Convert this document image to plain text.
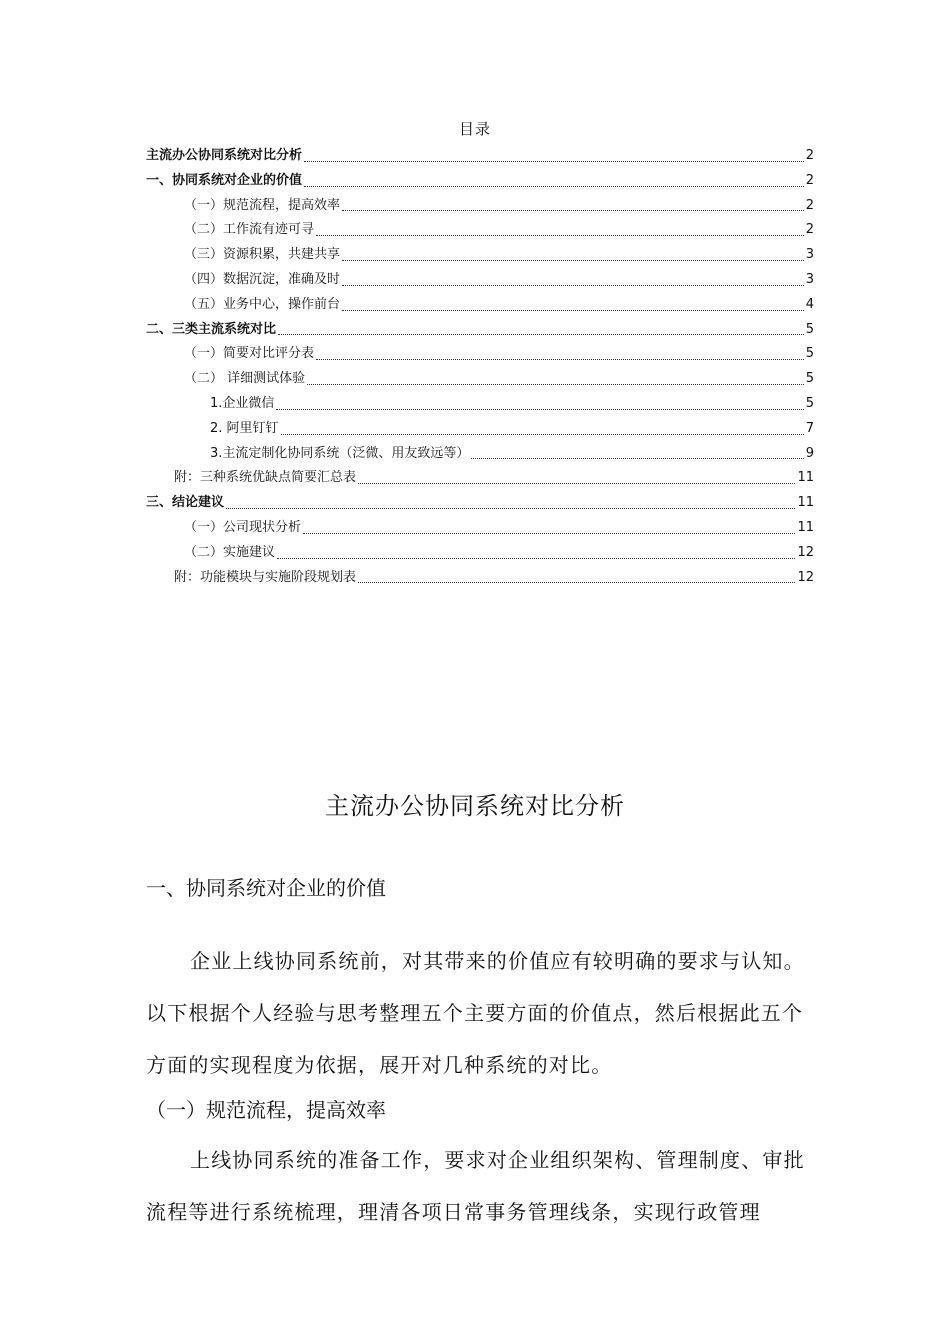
目录
主流办公协同系统对比分析	2
一、协同系统对企业的价值	2
（一）规范流程，提高效率	2
（二）工作流有迹可寻	2
（三）资源积累，共建共享	3
（四）数据沉淀，准确及时	3
（五）业务中心，操作前台	4
二、三类主流系统对比	5
（一）简要对比评分表	5
（二） 详细测试体验	5
1.企业微信	5
2. 阿里钉钉	7
3.主流定制化协同系统（泛微、用友致远等）	9
附：三种系统优缺点简要汇总表	11
三、结论建议	11
（一）公司现状分析	11
（二）实施建议	12
附：功能模块与实施阶段规划表	12
主流办公协同系统对比分析
一、协同系统对企业的价值
企业上线协同系统前，对其带来的价值应有较明确的要求与认知。以下根据个人经验与思考整理五个主要方面的价值点，然后根据此五个方面的实现程度为依据，展开对几种系统的对比。
（一）规范流程，提高效率
上线协同系统的准备工作，要求对企业组织架构、管理制度、审批流程等进行系统梳理，理清各项日常事务管理线条，实现行政管理
